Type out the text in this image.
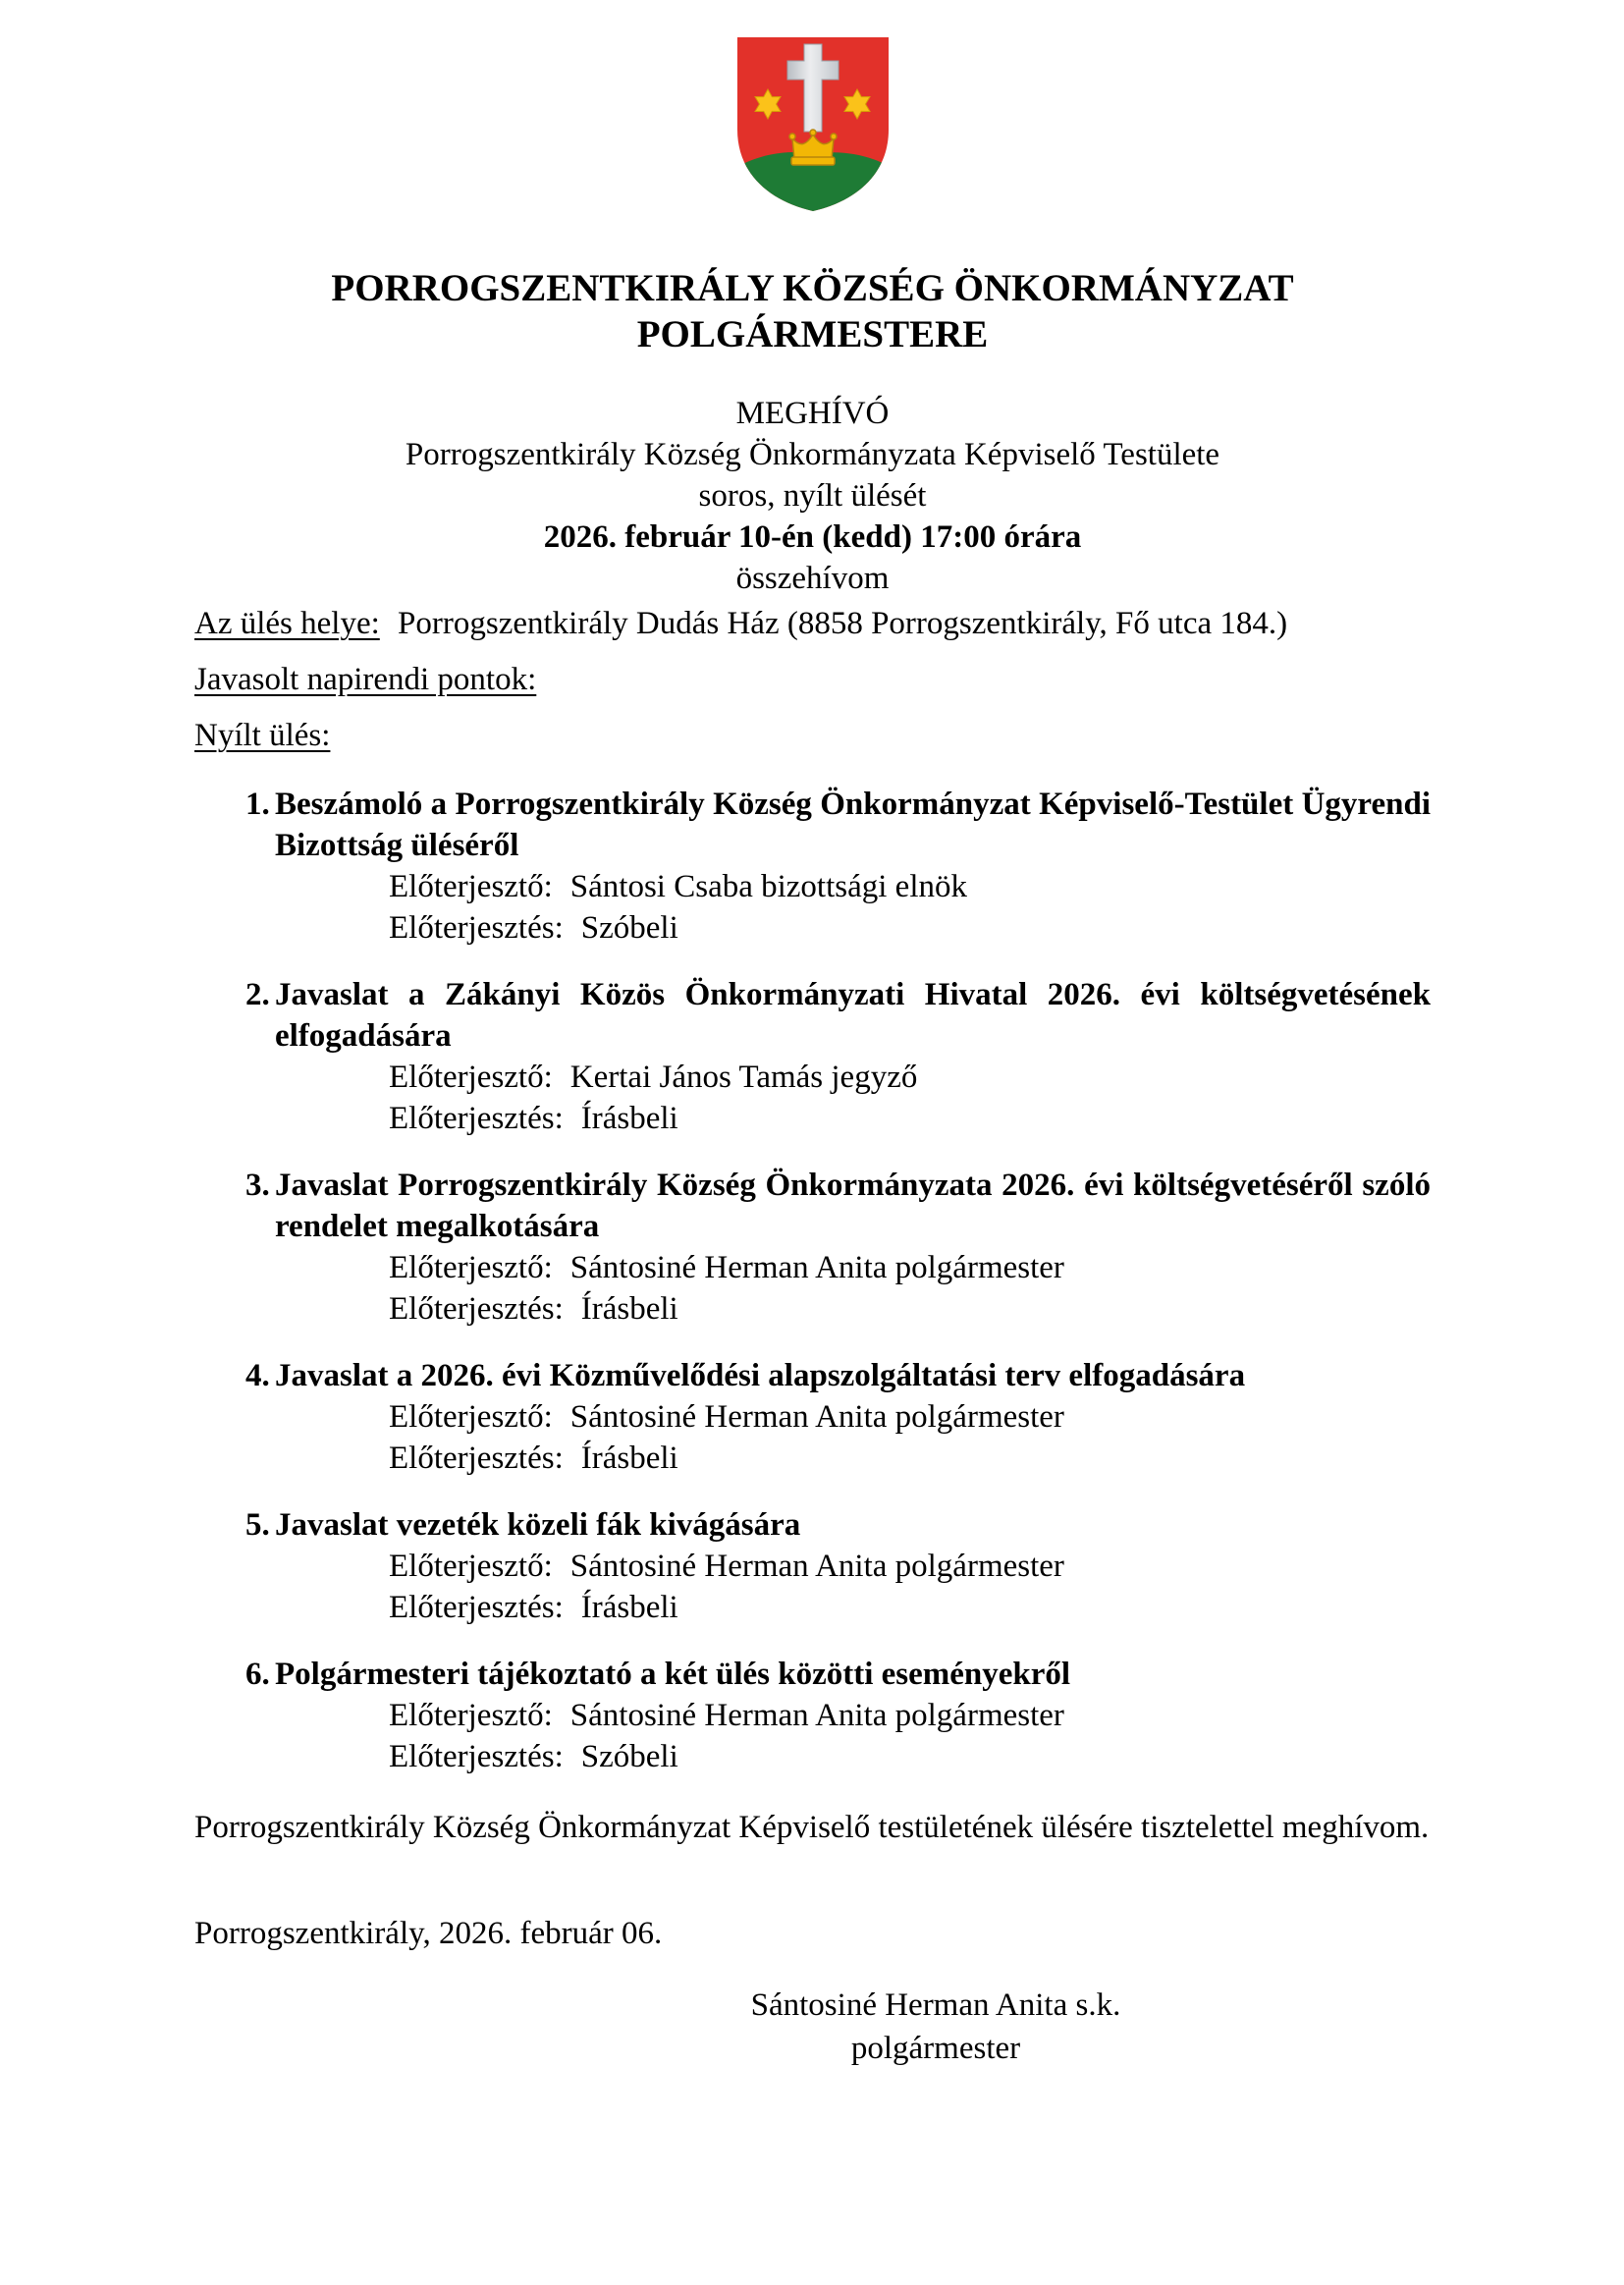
PORROGSZENTKIRÁLY KÖZSÉG ÖNKORMÁNYZAT
POLGÁRMESTERE
MEGHÍVÓ
Porrogszentkirály Község Önkormányzata Képviselő Testülete
soros, nyílt ülését
2026. február 10-én (kedd) 17:00 órára
összehívom
Az ülés helye: Porrogszentkirály Dudás Ház (8858 Porrogszentkirály, Fő utca 184.)
Javasolt napirendi pontok:
Nyílt ülés:
1. Beszámoló a Porrogszentkirály Község Önkormányzat Képviselő-Testület Ügyrendi Bizottság üléséről
Előterjesztő: Sántosi Csaba bizottsági elnök
Előterjesztés: Szóbeli
2. Javaslat a Zákányi Közös Önkormányzati Hivatal 2026. évi költségvetésének elfogadására
Előterjesztő: Kertai János Tamás jegyző
Előterjesztés: Írásbeli
3. Javaslat Porrogszentkirály Község Önkormányzata 2026. évi költségvetéséről szóló rendelet megalkotására
Előterjesztő: Sántosiné Herman Anita polgármester
Előterjesztés: Írásbeli
4. Javaslat a 2026. évi Közművelődési alapszolgáltatási terv elfogadására
Előterjesztő: Sántosiné Herman Anita polgármester
Előterjesztés: Írásbeli
5. Javaslat vezeték közeli fák kivágására
Előterjesztő: Sántosiné Herman Anita polgármester
Előterjesztés: Írásbeli
6. Polgármesteri tájékoztató a két ülés közötti eseményekről
Előterjesztő: Sántosiné Herman Anita polgármester
Előterjesztés: Szóbeli
Porrogszentkirály Község Önkormányzat Képviselő testületének ülésére tisztelettel meghívom.
Porrogszentkirály, 2026. február 06.
Sántosiné Herman Anita s.k.
polgármester
